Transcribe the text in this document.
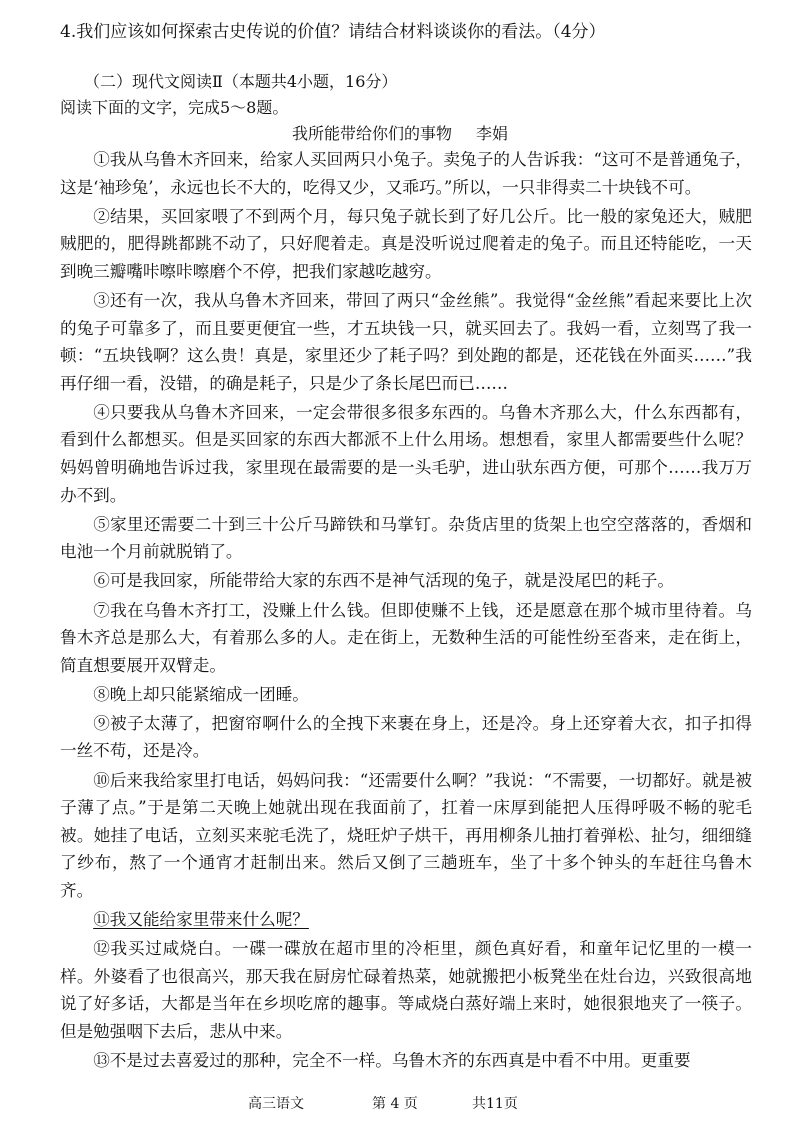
4.我们应该如何探索古史传说的价值？请结合材料谈谈你的看法。（4分）
（二）现代文阅读Ⅱ（本题共4小题，16分）
阅读下面的文字，完成5～8题。
我所能带给你们的事物 李娟

①我从乌鲁木齐回来，给家人买回两只小兔子。卖兔子的人告诉我：“这可不是普通兔子，这是‘袖珍兔’，永远也长不大的，吃得又少，又乖巧。”所以，一只非得卖二十块钱不可。

②结果，买回家喂了不到两个月，每只兔子就长到了好几公斤。比一般的家兔还大，贼肥贼肥的，肥得跳都跳不动了，只好爬着走。真是没听说过爬着走的兔子。而且还特能吃，一天到晚三瓣嘴咔嚓咔嚓磨个不停，把我们家越吃越穷。

③还有一次，我从乌鲁木齐回来，带回了两只“金丝熊”。我觉得“金丝熊”看起来要比上次的兔子可靠多了，而且要更便宜一些，才五块钱一只，就买回去了。我妈一看，立刻骂了我一顿：“五块钱啊？这么贵！真是，家里还少了耗子吗？到处跑的都是，还花钱在外面买……”我再仔细一看，没错，的确是耗子，只是少了条长尾巴而已……

④只要我从乌鲁木齐回来，一定会带很多很多东西的。乌鲁木齐那么大，什么东西都有，看到什么都想买。但是买回家的东西大都派不上什么用场。想想看，家里人都需要些什么呢？妈妈曾明确地告诉过我，家里现在最需要的是一头毛驴，进山驮东西方便，可那个……我万万办不到。

⑤家里还需要二十到三十公斤马蹄铁和马掌钉。杂货店里的货架上也空空落落的，香烟和电池一个月前就脱销了。

⑥可是我回家，所能带给大家的东西不是神气活现的兔子，就是没尾巴的耗子。

⑦我在乌鲁木齐打工，没赚上什么钱。但即使赚不上钱，还是愿意在那个城市里待着。乌鲁木齐总是那么大，有着那么多的人。走在街上，无数种生活的可能性纷至沓来，走在街上，简直想要展开双臂走。

⑧晚上却只能紧缩成一团睡。

⑨被子太薄了，把窗帘啊什么的全拽下来裹在身上，还是冷。身上还穿着大衣，扣子扣得一丝不苟，还是冷。

⑩后来我给家里打电话，妈妈问我：“还需要什么啊？”我说：“不需要，一切都好。就是被子薄了点。”于是第二天晚上她就出现在我面前了，扛着一床厚到能把人压得呼吸不畅的驼毛被。她挂了电话，立刻买来驼毛洗了，烧旺炉子烘干，再用柳条儿抽打着弹松、扯匀，细细缝了纱布，熬了一个通宵才赶制出来。然后又倒了三趟班车，坐了十多个钟头的车赶往乌鲁木齐。

⑪我又能给家里带来什么呢？

⑫我买过咸烧白。一碟一碟放在超市里的冷柜里，颜色真好看，和童年记忆里的一模一样。外婆看了也很高兴，那天我在厨房忙碌着热菜，她就搬把小板凳坐在灶台边，兴致很高地说了好多话，大都是当年在乡坝吃席的趣事。等咸烧白蒸好端上来时，她很狠地夹了一筷子。但是勉强咽下去后，悲从中来。

⑬不是过去喜爱过的那种，完全不一样。乌鲁木齐的东西真是中看不中用。更重要

高三语文	第 4 页	共11页
